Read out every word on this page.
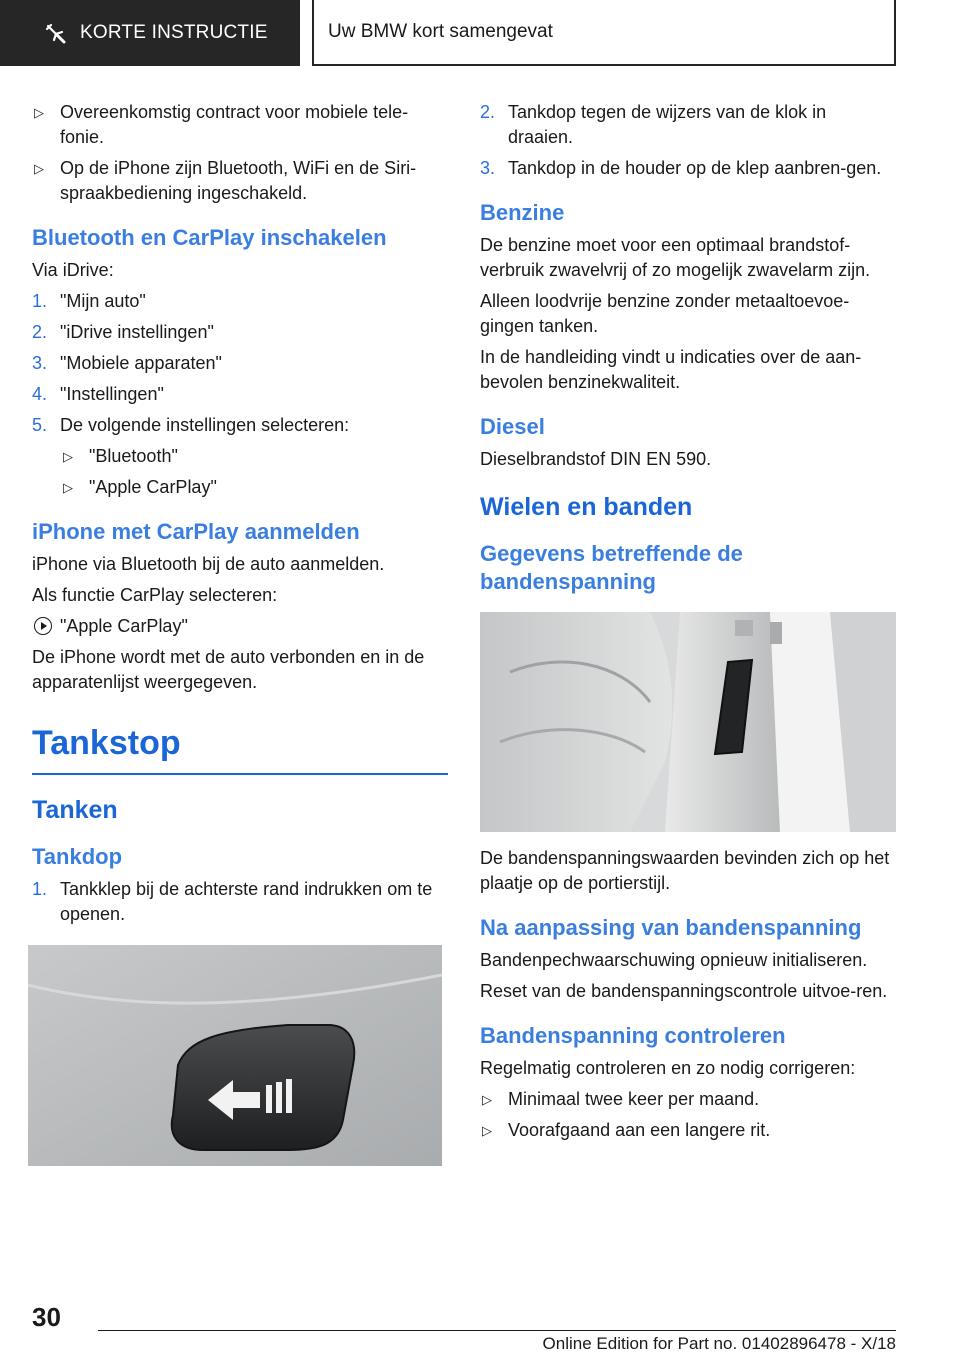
KORTE INSTRUCTIE	Uw BMW kort samengevat
▷ Overeenkomstig contract voor mobiele tele-fonie.
▷ Op de iPhone zijn Bluetooth, WiFi en de Siri-spraakbediening ingeschakeld.
Bluetooth en CarPlay inschakelen
Via iDrive:
1. "Mijn auto"
2. "iDrive instellingen"
3. "Mobiele apparaten"
4. "Instellingen"
5. De volgende instellingen selecteren:
▷ "Bluetooth"
▷ "Apple CarPlay"
iPhone met CarPlay aanmelden
iPhone via Bluetooth bij de auto aanmelden.
Als functie CarPlay selecteren:
"Apple CarPlay"
De iPhone wordt met de auto verbonden en in de apparatenlijst weergegeven.
Tankstop
Tanken
Tankdop
1. Tankklep bij de achterste rand indrukken om te openen.
2. Tankdop tegen de wijzers van de klok in draaien.
3. Tankdop in de houder op de klep aanbren-gen.
Benzine
De benzine moet voor een optimaal brandstof-verbruik zwavelvrij of zo mogelijk zwavelarm zijn.
Alleen loodvrije benzine zonder metaaltoevoe-gingen tanken.
In de handleiding vindt u indicaties over de aan-bevolen benzinekwaliteit.
Diesel
Dieselbrandstof DIN EN 590.
Wielen en banden
Gegevens betreffende de bandenspanning
De bandenspanningswaarden bevinden zich op het plaatje op de portierstijl.
Na aanpassing van bandenspanning
Bandenpechwaarschuwing opnieuw initialiseren.
Reset van de bandenspanningscontrole uitvoe-ren.
Bandenspanning controleren
Regelmatig controleren en zo nodig corrigeren:
▷ Minimaal twee keer per maand.
▷ Voorafgaand aan een langere rit.
30
Online Edition for Part no. 01402896478 - X/18
